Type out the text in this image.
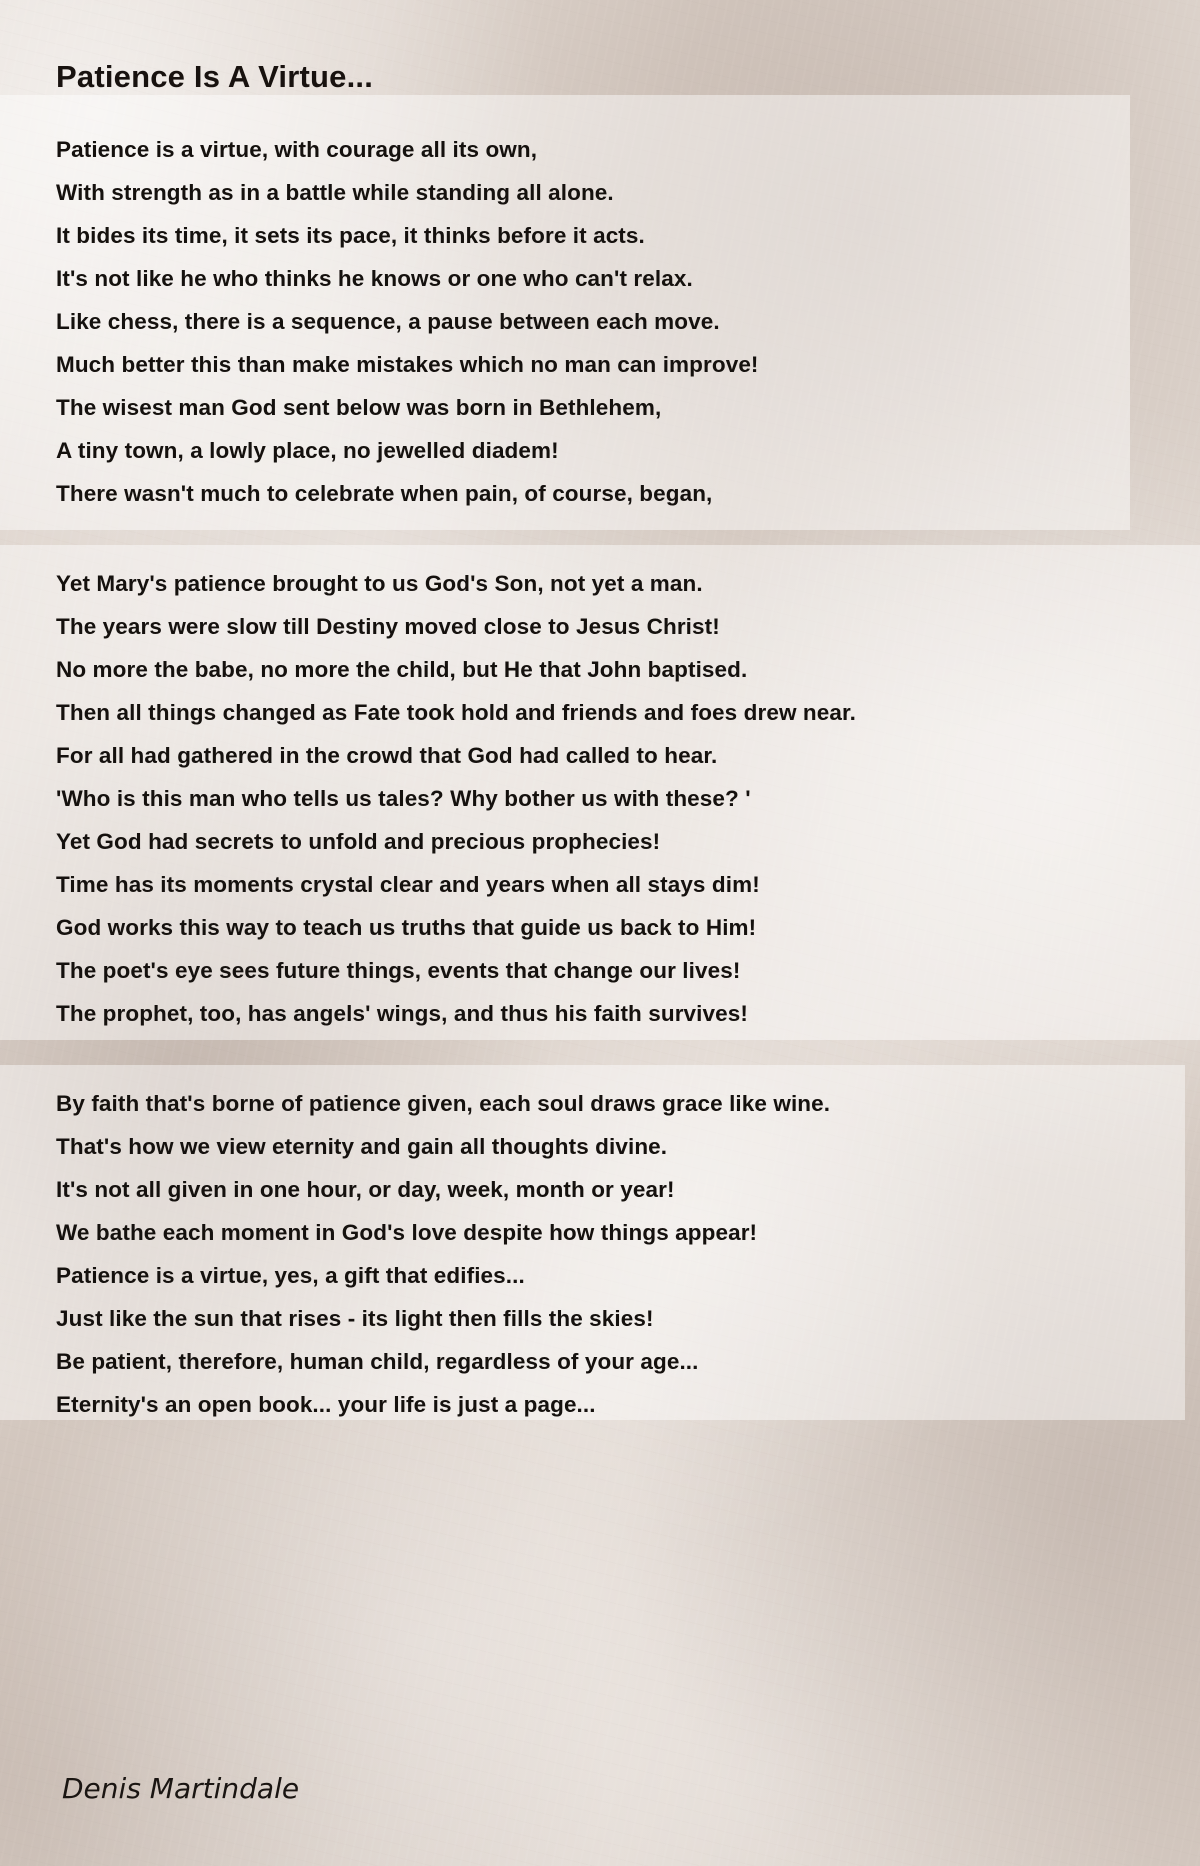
Patience Is A Virtue...
Patience is a virtue, with courage all its own,
With strength as in a battle while standing all alone.
It bides its time, it sets its pace, it thinks before it acts.
It's not like he who thinks he knows or one who can't relax.
Like chess, there is a sequence, a pause between each move.
Much better this than make mistakes which no man can improve!
The wisest man God sent below was born in Bethlehem,
A tiny town, a lowly place, no jewelled diadem!
There wasn't much to celebrate when pain, of course, began,
Yet Mary's patience brought to us God's Son, not yet a man.
The years were slow till Destiny moved close to Jesus Christ!
No more the babe, no more the child, but He that John baptised.
Then all things changed as Fate took hold and friends and foes drew near.
For all had gathered in the crowd that God had called to hear.
'Who is this man who tells us tales? Why bother us with these? '
Yet God had secrets to unfold and precious prophecies!
Time has its moments crystal clear and years when all stays dim!
God works this way to teach us truths that guide us back to Him!
The poet's eye sees future things, events that change our lives!
The prophet, too, has angels' wings, and thus his faith survives!
By faith that's borne of patience given, each soul draws grace like wine.
That's how we view eternity and gain all thoughts divine.
It's not all given in one hour, or day, week, month or year!
We bathe each moment in God's love despite how things appear!
Patience is a virtue, yes, a gift that edifies...
Just like the sun that rises - its light then fills the skies!
Be patient, therefore, human child, regardless of your age...
Eternity's an open book... your life is just a page...
Denis Martindale
